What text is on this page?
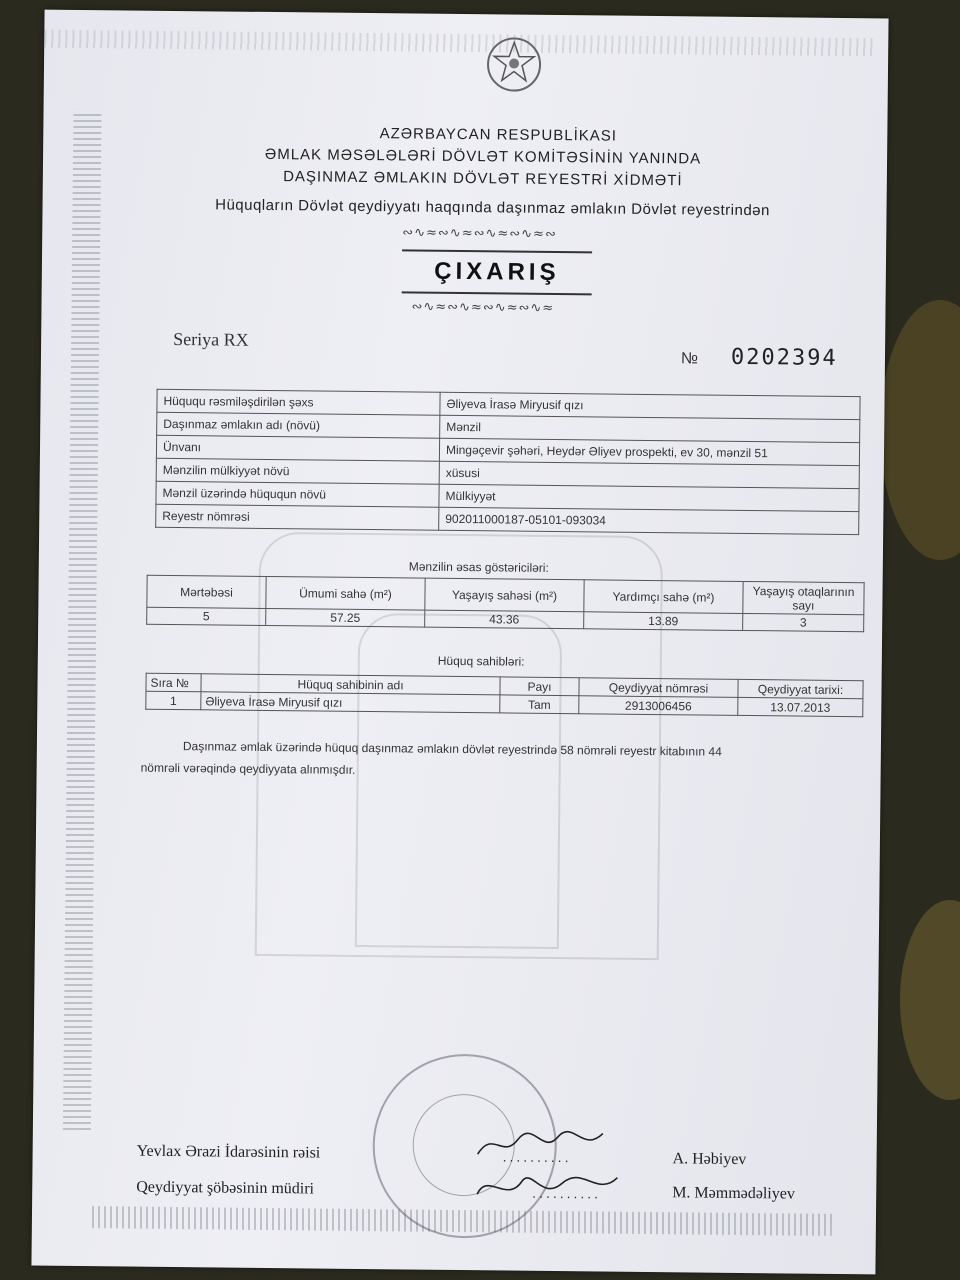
AZƏRBAYCAN RESPUBLİKASI
ƏMLAK MƏSƏLƏLƏRİ DÖVLƏT KOMİTƏSİNİN YANINDA
DAŞINMAZ ƏMLAKIN DÖVLƏT REYESTRİ XİDMƏTİ
Hüquqların Dövlət qeydiyyatı haqqında daşınmaz əmlakın Dövlət reyestrindən
∾∿≈∾∿≈∾∿≈∾∿≈∾
ÇIXARIŞ
∾∿≈∾∿≈∾∿≈∾∿≈
Seriya RX
№ 0202394
Hüququ rəsmiləşdirilən şəxs	Əliyeva İrasə Miryusif qızı
Daşınmaz əmlakın adı (növü)	Mənzil
Ünvanı	Mingəçevir şəhəri, Heydər Əliyev prospekti, ev 30, mənzil 51
Mənzilin mülkiyyət növü	xüsusi
Mənzil üzərində hüququn növü	Mülkiyyət
Reyestr nömrəsi	902011000187-05101-093034
Mənzilin əsas göstəriciləri:
Mərtəbəsi	Ümumi sahə (m²)	Yaşayış sahəsi (m²)	Yardımçı sahə (m²)	Yaşayış otaqlarının sayı
5	57.25	43.36	13.89	3
Hüquq sahibləri:
Sıra №	Hüquq sahibinin adı	Payı	Qeydiyyat nömrəsi	Qeydiyyat tarixi:
1	Əliyeva İrasə Miryusif qızı	Tam	2913006456	13.07.2013
Daşınmaz əmlak üzərində hüquq daşınmaz əmlakın dövlət reyestrində 58 nömrəli reyestr kitabının 44
nömrəli vərəqində qeydiyyata alınmışdır.
Yevlax Ərazi İdarəsinin rəisi	..........	A. Həbiyev
Qeydiyyat şöbəsinin müdiri	..........	M. Məmmədəliyev
